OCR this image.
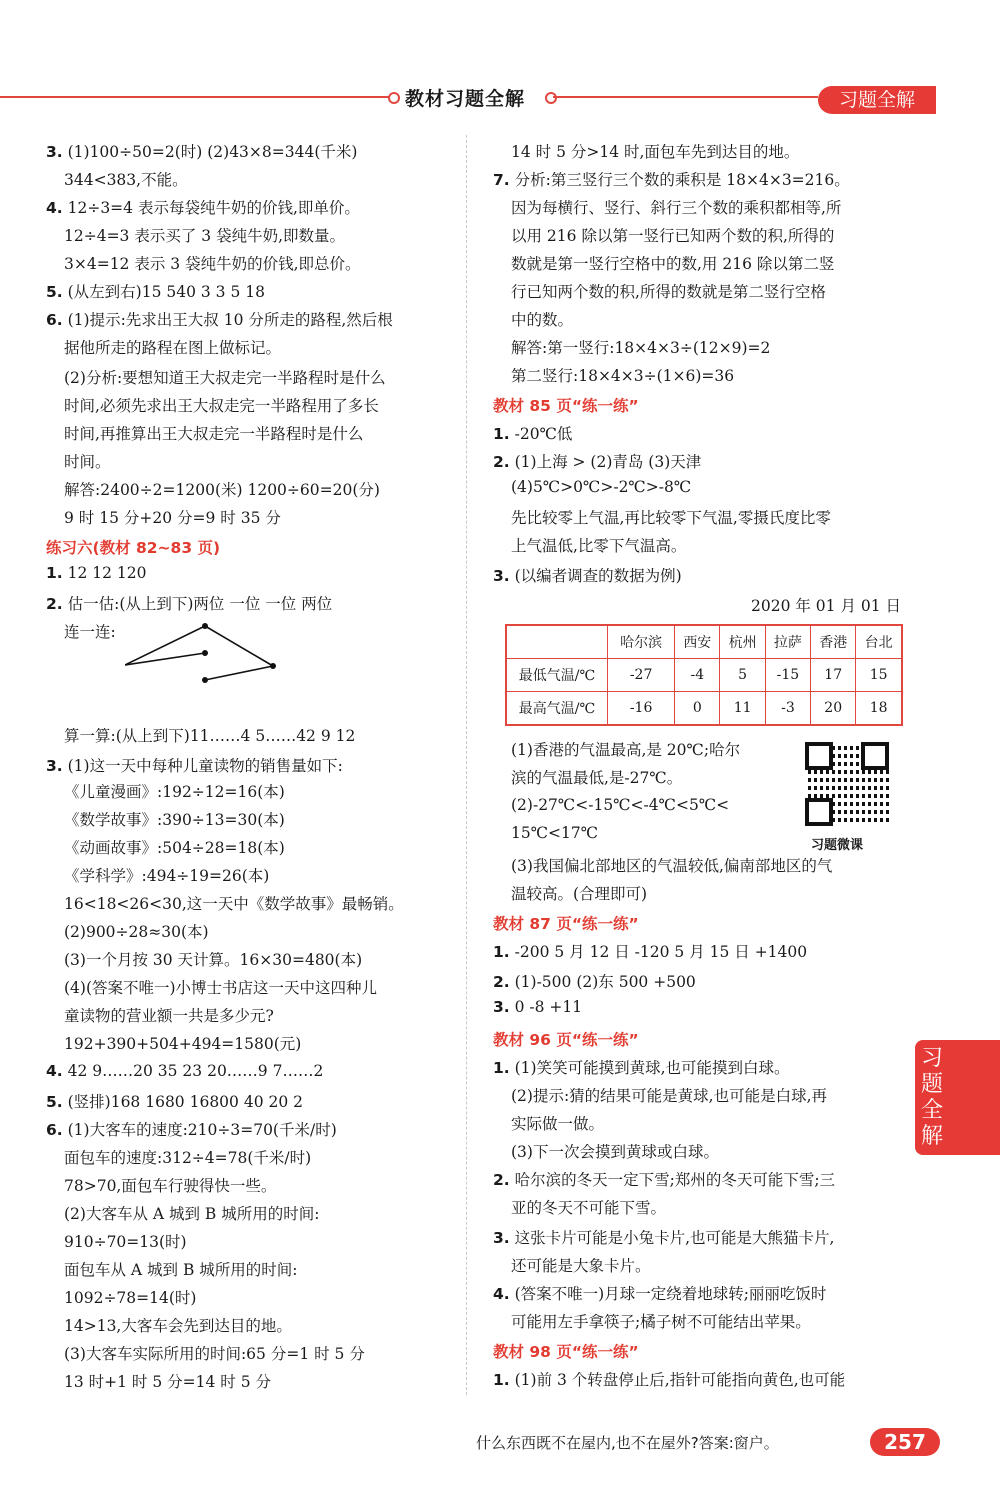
教材习题全解	习题全解
3. (1)100÷50=2(时) (2)43×8=344(千米)
344<383,不能。
4. 12÷3=4 表示每袋纯牛奶的价钱,即单价。
12÷4=3 表示买了 3 袋纯牛奶,即数量。
3×4=12 表示 3 袋纯牛奶的价钱,即总价。
5. (从左到右)15 540 3 3 5 18
6. (1)提示:先求出王大叔 10 分所走的路程,然后根
据他所走的路程在图上做标记。
(2)分析:要想知道王大叔走完一半路程时是什么
时间,必须先求出王大叔走完一半路程用了多长
时间,再推算出王大叔走完一半路程时是什么
时间。
解答:2400÷2=1200(米) 1200÷60=20(分)
9 时 15 分+20 分=9 时 35 分
练习六(教材 82~83 页)
1. 12 12 120
2. 估一估:(从上到下)两位 一位 一位 两位
连一连:
算一算:(从上到下)11……4 5……42 9 12
3. (1)这一天中每种儿童读物的销售量如下:
《儿童漫画》:192÷12=16(本)
《数学故事》:390÷13=30(本)
《动画故事》:504÷28=18(本)
《学科学》:494÷19=26(本)
16<18<26<30,这一天中《数学故事》最畅销。
(2)900÷28≈30(本)
(3)一个月按 30 天计算。16×30=480(本)
(4)(答案不唯一)小博士书店这一天中这四种儿
童读物的营业额一共是多少元?
192+390+504+494=1580(元)
4. 42 9……20 35 23 20……9 7……2
5. (竖排)168 1680 16800 40 20 2
6. (1)大客车的速度:210÷3=70(千米/时)
面包车的速度:312÷4=78(千米/时)
78>70,面包车行驶得快一些。
(2)大客车从 A 城到 B 城所用的时间:
910÷70=13(时)
面包车从 A 城到 B 城所用的时间:
1092÷78=14(时)
14>13,大客车会先到达目的地。
(3)大客车实际所用的时间:65 分=1 时 5 分
13 时+1 时 5 分=14 时 5 分
14 时 5 分>14 时,面包车先到达目的地。
7. 分析:第三竖行三个数的乘积是 18×4×3=216。
因为每横行、竖行、斜行三个数的乘积都相等,所
以用 216 除以第一竖行已知两个数的积,所得的
数就是第一竖行空格中的数,用 216 除以第二竖
行已知两个数的积,所得的数就是第二竖行空格
中的数。
解答:第一竖行:18×4×3÷(12×9)=2
第二竖行:18×4×3÷(1×6)=36
教材 85 页“练一练”
1. -20℃低
2. (1)上海 > (2)青岛 (3)天津
(4)5℃>0℃>-2℃>-8℃
先比较零上气温,再比较零下气温,零摄氏度比零
上气温低,比零下气温高。
3. (以编者调查的数据为例)
2020 年 01 月 01 日
	哈尔滨	西安	杭州	拉萨	香港	台北
最低气温/℃	-27	-4	5	-15	17	15
最高气温/℃	-16	0	11	-3	20	18
习题微课
(1)香港的气温最高,是 20℃;哈尔
滨的气温最低,是-27℃。
(2)-27℃<-15℃<-4℃<5℃<
15℃<17℃
(3)我国偏北部地区的气温较低,偏南部地区的气
温较高。(合理即可)
教材 87 页“练一练”
1. -200 5 月 12 日 -120 5 月 15 日 +1400
2. (1)-500 (2)东 500 +500
3. 0 -8 +11
教材 96 页“练一练”
1. (1)笑笑可能摸到黄球,也可能摸到白球。
(2)提示:猜的结果可能是黄球,也可能是白球,再
实际做一做。
(3)下一次会摸到黄球或白球。
2. 哈尔滨的冬天一定下雪;郑州的冬天可能下雪;三
亚的冬天不可能下雪。
3. 这张卡片可能是小兔卡片,也可能是大熊猫卡片,
还可能是大象卡片。
4. (答案不唯一)月球一定绕着地球转;丽丽吃饭时
可能用左手拿筷子;橘子树不可能结出苹果。
教材 98 页“练一练”
1. (1)前 3 个转盘停止后,指针可能指向黄色,也可能
习题全解
什么东西既不在屋内,也不在屋外?答案:窗户。	257
